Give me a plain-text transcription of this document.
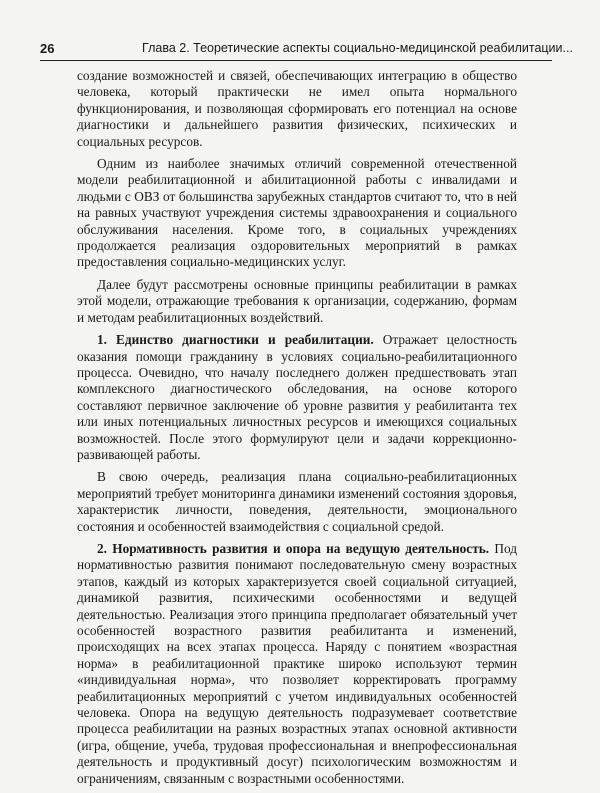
26	Глава 2. Теоретические аспекты социально-медицинской реабилитации...

создание возможностей и связей, обеспечивающих интеграцию в общество человека, который практически не имел опыта нормального функционирования, и позволяющая сформировать его потенциал на основе диагностики и дальнейшего развития физических, психических и социальных ресурсов.

Одним из наиболее значимых отличий современной отечественной модели реабилитационной и абилитационной работы с инвалидами и людьми с ОВЗ от большинства зарубежных стандартов считают то, что в ней на равных участвуют учреждения системы здравоохранения и социального обслуживания населения. Кроме того, в социальных учреждениях продолжается реализация оздоровительных мероприятий в рамках предоставления социально-медицинских услуг.

Далее будут рассмотрены основные принципы реабилитации в рамках этой модели, отражающие требования к организации, содержанию, формам и методам реабилитационных воздействий.

1. Единство диагностики и реабилитации. Отражает целостность оказания помощи гражданину в условиях социально-реабилитационного процесса. Очевидно, что началу последнего должен предшествовать этап комплексного диагностического обследования, на основе которого составляют первичное заключение об уровне развития у реабилитанта тех или иных потенциальных личностных ресурсов и имеющихся социальных возможностей. После этого формулируют цели и задачи коррекционно-развивающей работы.

В свою очередь, реализация плана социально-реабилитационных мероприятий требует мониторинга динамики изменений состояния здоровья, характеристик личности, поведения, деятельности, эмоционального состояния и особенностей взаимодействия с социальной средой.

2. Нормативность развития и опора на ведущую деятельность. Под нормативностью развития понимают последовательную смену возрастных этапов, каждый из которых характеризуется своей социальной ситуацией, динамикой развития, психическими особенностями и ведущей деятельностью. Реализация этого принципа предполагает обязательный учет особенностей возрастного развития реабилитанта и изменений, происходящих на всех этапах процесса. Наряду с понятием «возрастная норма» в реабилитационной практике широко используют термин «индивидуальная норма», что позволяет корректировать программу реабилитационных мероприятий с учетом индивидуальных особенностей человека. Опора на ведущую деятельность подразумевает соответствие процесса реабилитации на разных возрастных этапах основной активности (игра, общение, учеба, трудовая профессиональная и внепрофессиональная деятельность и продуктивный досуг) психологическим возможностям и ограничениям, связанным с возрастными особенностями.
